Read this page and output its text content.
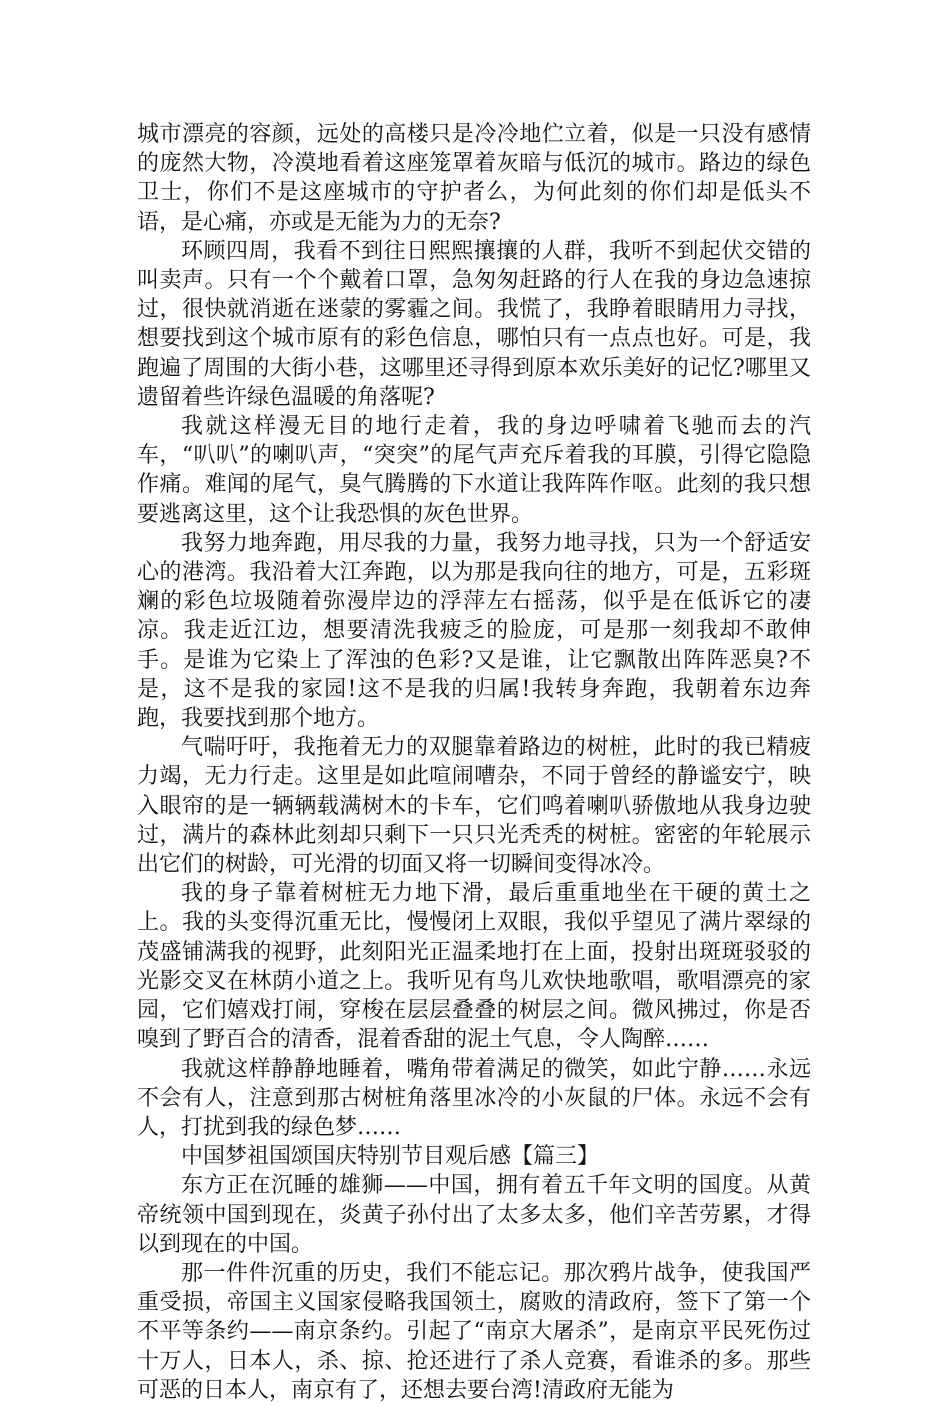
城市漂亮的容颜，远处的高楼只是冷冷地伫立着，似是一只没有感情的庞然大物，冷漠地看着这座笼罩着灰暗与低沉的城市。路边的绿色卫士，你们不是这座城市的守护者么，为何此刻的你们却是低头不语，是心痛，亦或是无能为力的无奈?

环顾四周，我看不到往日熙熙攘攘的人群，我听不到起伏交错的叫卖声。只有一个个戴着口罩，急匆匆赶路的行人在我的身边急速掠过，很快就消逝在迷蒙的雾霾之间。我慌了，我睁着眼睛用力寻找，想要找到这个城市原有的彩色信息，哪怕只有一点点也好。可是，我跑遍了周围的大街小巷，这哪里还寻得到原本欢乐美好的记忆?哪里又遗留着些许绿色温暖的角落呢?

我就这样漫无目的地行走着，我的身边呼啸着飞驰而去的汽车，“叭叭”的喇叭声，“突突”的尾气声充斥着我的耳膜，引得它隐隐作痛。难闻的尾气，臭气腾腾的下水道让我阵阵作呕。此刻的我只想要逃离这里，这个让我恐惧的灰色世界。

我努力地奔跑，用尽我的力量，我努力地寻找，只为一个舒适安心的港湾。我沿着大江奔跑，以为那是我向往的地方，可是，五彩斑斓的彩色垃圾随着弥漫岸边的浮萍左右摇荡，似乎是在低诉它的凄凉。我走近江边，想要清洗我疲乏的脸庞，可是那一刻我却不敢伸手。是谁为它染上了浑浊的色彩?又是谁，让它飘散出阵阵恶臭?不是，这不是我的家园!这不是我的归属!我转身奔跑，我朝着东边奔跑，我要找到那个地方。

气喘吁吁，我拖着无力的双腿靠着路边的树桩，此时的我已精疲力竭，无力行走。这里是如此喧闹嘈杂，不同于曾经的静谧安宁，映入眼帘的是一辆辆载满树木的卡车，它们鸣着喇叭骄傲地从我身边驶过，满片的森林此刻却只剩下一只只光秃秃的树桩。密密的年轮展示出它们的树龄，可光滑的切面又将一切瞬间变得冰冷。

我的身子靠着树桩无力地下滑，最后重重地坐在干硬的黄土之上。我的头变得沉重无比，慢慢闭上双眼，我似乎望见了满片翠绿的茂盛铺满我的视野，此刻阳光正温柔地打在上面，投射出斑斑驳驳的光影交叉在林荫小道之上。我听见有鸟儿欢快地歌唱，歌唱漂亮的家园，它们嬉戏打闹，穿梭在层层叠叠的树层之间。微风拂过，你是否嗅到了野百合的清香，混着香甜的泥土气息，令人陶醉……

我就这样静静地睡着，嘴角带着满足的微笑，如此宁静……永远不会有人，注意到那古树桩角落里冰冷的小灰鼠的尸体。永远不会有人，打扰到我的绿色梦……

中国梦祖国颂国庆特别节目观后感【篇三】

东方正在沉睡的雄狮——中国，拥有着五千年文明的国度。从黄帝统领中国到现在，炎黄子孙付出了太多太多，他们辛苦劳累，才得以到现在的中国。

那一件件沉重的历史，我们不能忘记。那次鸦片战争，使我国严重受损，帝国主义国家侵略我国领土，腐败的清政府，签下了第一个不平等条约——南京条约。引起了“南京大屠杀”，是南京平民死伤过十万人，日本人，杀、掠、抢还进行了杀人竞赛，看谁杀的多。那些可恶的日本人，南京有了，还想去要台湾!清政府无能为
